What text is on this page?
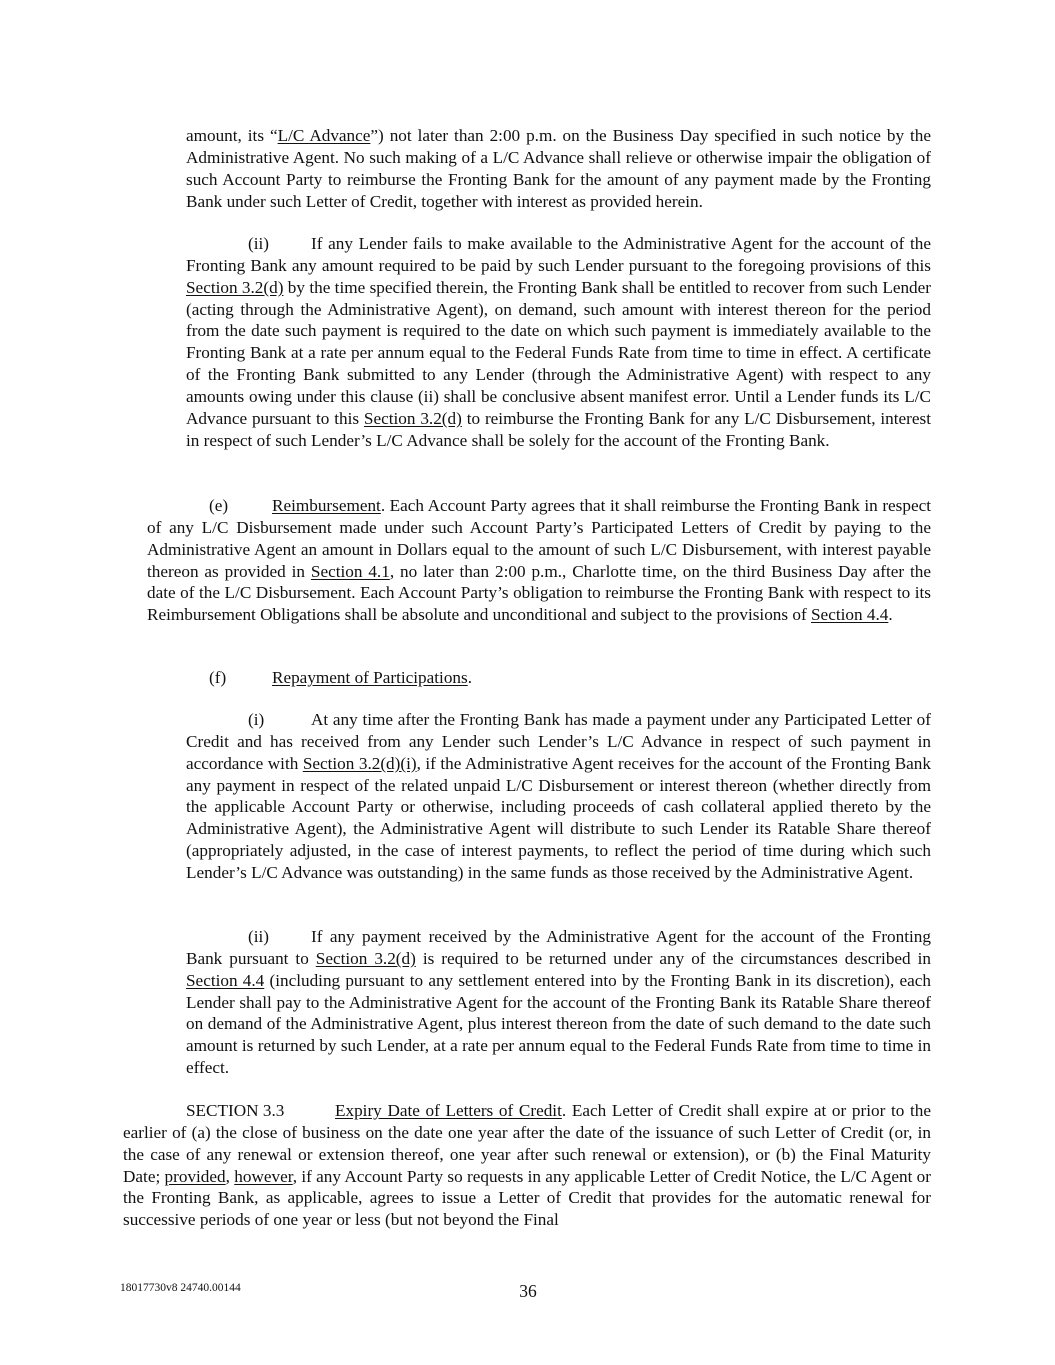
amount, its “L/C Advance”) not later than 2:00 p.m. on the Business Day specified in such notice by the Administrative Agent. No such making of a L/C Advance shall relieve or otherwise impair the obligation of such Account Party to reimburse the Fronting Bank for the amount of any payment made by the Fronting Bank under such Letter of Credit, together with interest as provided herein.

(ii) If any Lender fails to make available to the Administrative Agent for the account of the Fronting Bank any amount required to be paid by such Lender pursuant to the foregoing provisions of this Section 3.2(d) by the time specified therein, the Fronting Bank shall be entitled to recover from such Lender (acting through the Administrative Agent), on demand, such amount with interest thereon for the period from the date such payment is required to the date on which such payment is immediately available to the Fronting Bank at a rate per annum equal to the Federal Funds Rate from time to time in effect. A certificate of the Fronting Bank submitted to any Lender (through the Administrative Agent) with respect to any amounts owing under this clause (ii) shall be conclusive absent manifest error. Until a Lender funds its L/C Advance pursuant to this Section 3.2(d) to reimburse the Fronting Bank for any L/C Disbursement, interest in respect of such Lender’s L/C Advance shall be solely for the account of the Fronting Bank.

(e)	Reimbursement. Each Account Party agrees that it shall reimburse the Fronting Bank in respect of any L/C Disbursement made under such Account Party’s Participated Letters of Credit by paying to the Administrative Agent an amount in Dollars equal to the amount of such L/C Disbursement, with interest payable thereon as provided in Section 4.1, no later than 2:00 p.m., Charlotte time, on the third Business Day after the date of the L/C Disbursement. Each Account Party’s obligation to reimburse the Fronting Bank with respect to its Reimbursement Obligations shall be absolute and unconditional and subject to the provisions of Section 4.4.

(f)	Repayment of Participations.

(i)	At any time after the Fronting Bank has made a payment under any Participated Letter of Credit and has received from any Lender such Lender’s L/C Advance in respect of such payment in accordance with Section 3.2(d)(i), if the Administrative Agent receives for the account of the Fronting Bank any payment in respect of the related unpaid L/C Disbursement or interest thereon (whether directly from the applicable Account Party or otherwise, including proceeds of cash collateral applied thereto by the Administrative Agent), the Administrative Agent will distribute to such Lender its Ratable Share thereof (appropriately adjusted, in the case of interest payments, to reflect the period of time during which such Lender’s L/C Advance was outstanding) in the same funds as those received by the Administrative Agent.

(ii) If any payment received by the Administrative Agent for the account of the Fronting Bank pursuant to Section 3.2(d) is required to be returned under any of the circumstances described in Section 4.4 (including pursuant to any settlement entered into by the Fronting Bank in its discretion), each Lender shall pay to the Administrative Agent for the account of the Fronting Bank its Ratable Share thereof on demand of the Administrative Agent, plus interest thereon from the date of such demand to the date such amount is returned by such Lender, at a rate per annum equal to the Federal Funds Rate from time to time in effect.

SECTION 3.3	Expiry Date of Letters of Credit. Each Letter of Credit shall expire at or prior to the earlier of (a) the close of business on the date one year after the date of the issuance of such Letter of Credit (or, in the case of any renewal or extension thereof, one year after such renewal or extension), or (b) the Final Maturity Date; provided, however, if any Account Party so requests in any applicable Letter of Credit Notice, the L/C Agent or the Fronting Bank, as applicable, agrees to issue a Letter of Credit that provides for the automatic renewal for successive periods of one year or less (but not beyond the Final

18017730v8 24740.00144	36
